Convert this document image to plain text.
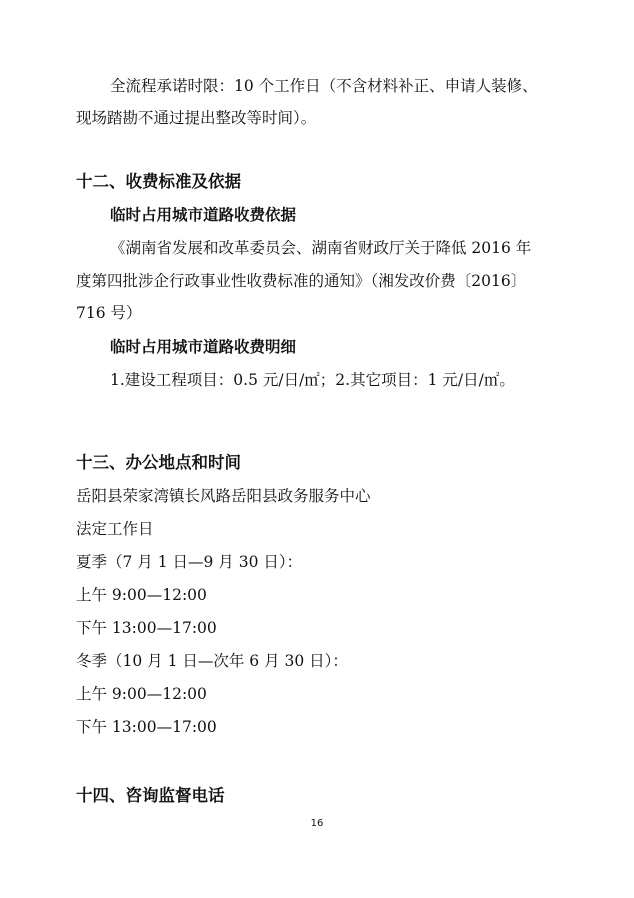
全流程承诺时限：10 个工作日（不含材料补正、申请人装修、
现场踏勘不通过提出整改等时间）。
十二、收费标准及依据
临时占用城市道路收费依据
《湖南省发展和改革委员会、湖南省财政厅关于降低 2016 年
度第四批涉企行政事业性收费标准的通知》（湘发改价费〔2016〕
716 号）
临时占用城市道路收费明细
1.建设工程项目：0.5 元/日/㎡；2.其它项目：1 元/日/㎡。
十三、办公地点和时间
岳阳县荣家湾镇长风路岳阳县政务服务中心
法定工作日
夏季（7 月 1 日—9 月 30 日）：
上午 9:00—12:00
下午 13:00—17:00
冬季（10 月 1 日—次年 6 月 30 日）：
上午 9:00—12:00
下午 13:00—17:00
十四、咨询监督电话
16
